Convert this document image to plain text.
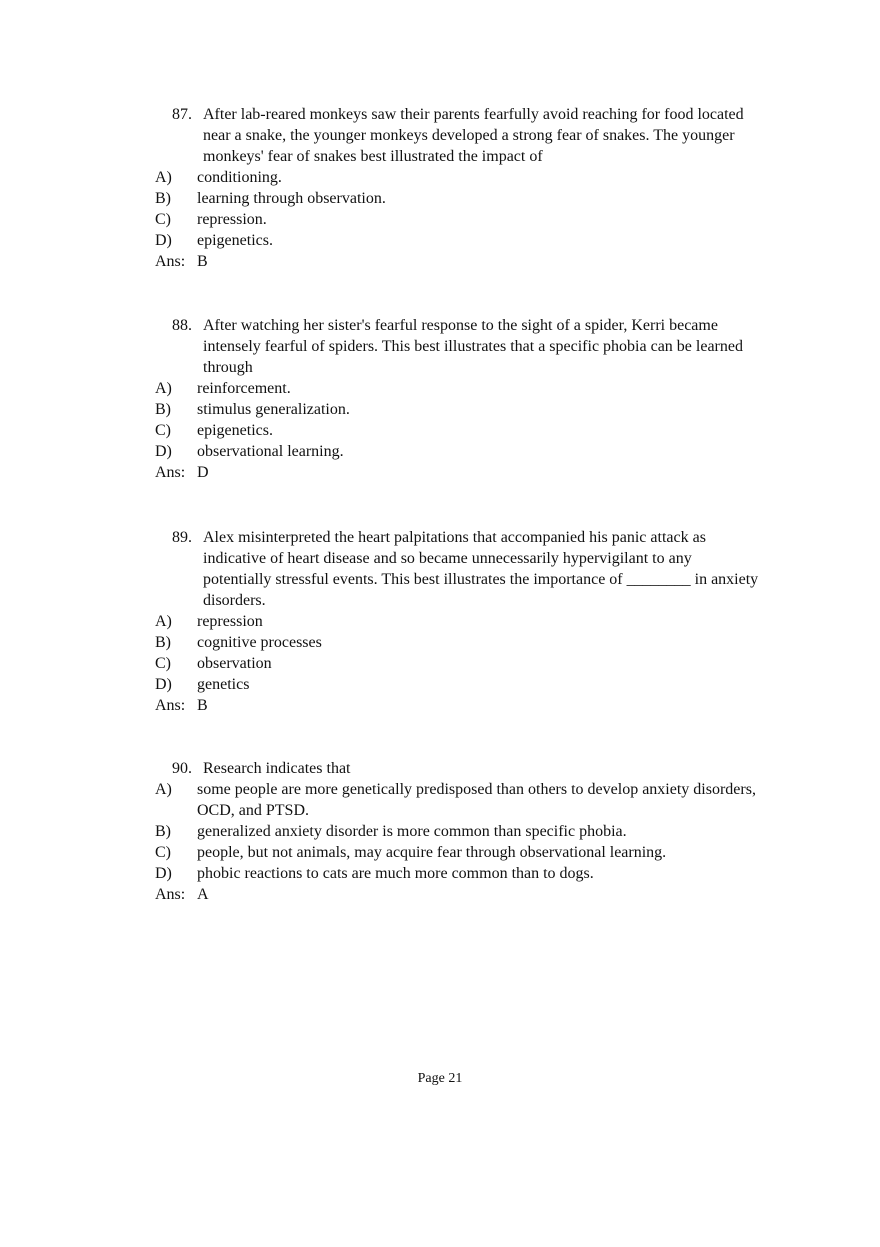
87. After lab-reared monkeys saw their parents fearfully avoid reaching for food located near a snake, the younger monkeys developed a strong fear of snakes. The younger monkeys' fear of snakes best illustrated the impact of
A) conditioning.
B) learning through observation.
C) repression.
D) epigenetics.
Ans: B
88. After watching her sister's fearful response to the sight of a spider, Kerri became intensely fearful of spiders. This best illustrates that a specific phobia can be learned through
A) reinforcement.
B) stimulus generalization.
C) epigenetics.
D) observational learning.
Ans: D
89. Alex misinterpreted the heart palpitations that accompanied his panic attack as indicative of heart disease and so became unnecessarily hypervigilant to any potentially stressful events. This best illustrates the importance of ________ in anxiety disorders.
A) repression
B) cognitive processes
C) observation
D) genetics
Ans: B
90. Research indicates that
A) some people are more genetically predisposed than others to develop anxiety disorders, OCD, and PTSD.
B) generalized anxiety disorder is more common than specific phobia.
C) people, but not animals, may acquire fear through observational learning.
D) phobic reactions to cats are much more common than to dogs.
Ans: A
Page 21
